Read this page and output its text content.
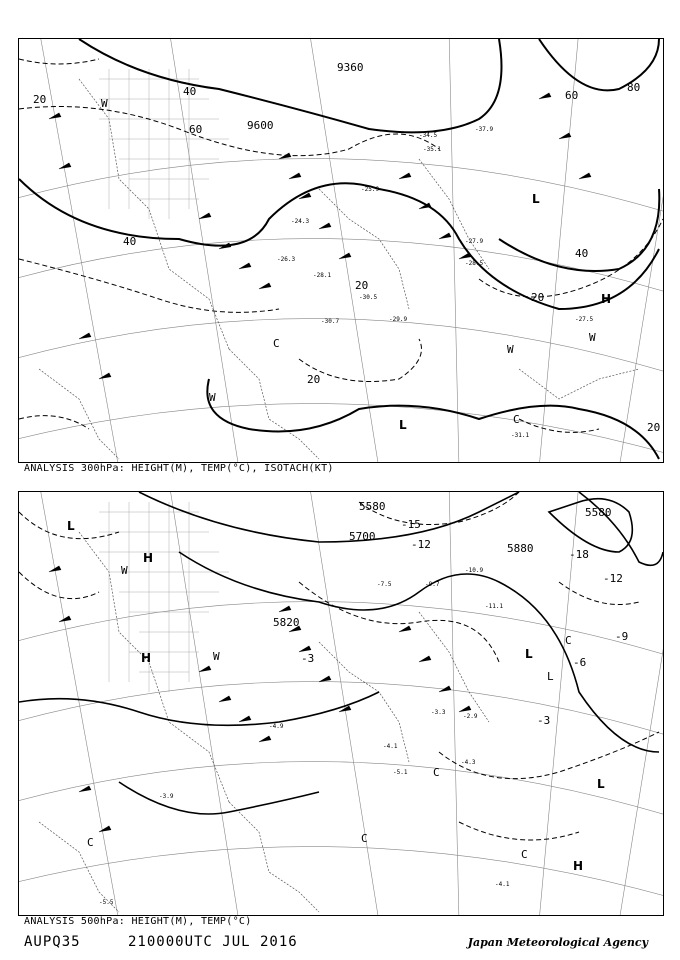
9360
9600
20
40
60
80
40
20
20
20
40
20
60
L
H
L
C
C
W
W
W
W
-34.5
-35.1
-37.9
-27.9
-28.5
-25.9
-24.3
-29.9
-30.7
-31.1
-27.5
-30.5
-26.3
-28.1
ANALYSIS 300hPa: HEIGHT(M), TEMP(°C), ISOTACH(KT)
5580
5700
5820
5880
5580
-15
-12
-18
-12
-9
-6
-3
-3
L
H
H
H
L
L
L
C
C
C
C
C
W
W
-4.1
-3.9
-5.1
-4.1
-2.9
-3.3
-4.3
-9.7
-7.5
-10.9
-11.1
-5.5
-4.9
ANALYSIS 500hPa: HEIGHT(M), TEMP(°C)
AUPQ35	210000UTC JUL 2016	Japan Meteorological Agency
